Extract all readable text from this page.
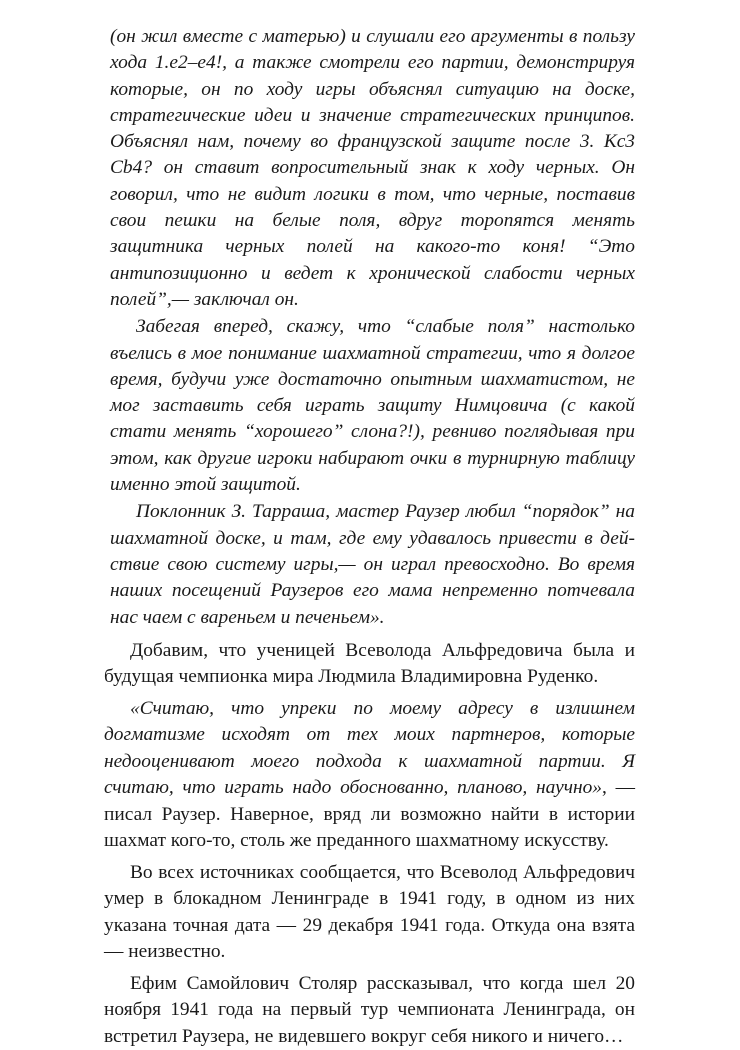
(он жил вместе с матерью) и слушали его аргументы в пользу хода 1.e2–e4!, а также смотрели его партии, демонстрируя которые, он по ходу игры объяснял ситуацию на доске, стратегические идеи и значение стратегических принципов. Объяснял нам, почему во французской защите после 3. Кc3 Cb4? он ставит вопросительный знак к ходу черных. Он говорил, что не видит логики в том, что черные, поставив свои пешки на белые поля, вдруг торопятся менять защитника черных полей на какого-то коня! “Это антипозиционно и ведет к хронической слабости черных полей”,— заключал он.

Забегая вперед, скажу, что “слабые поля” настолько въелись в мое понимание шахматной стратегии, что я долгое время, будучи уже достаточно опытным шахматистом, не мог заставить себя играть защиту Нимцовича (с какой стати менять “хорошего” слона?!), ревниво поглядывая при этом, как другие игроки набирают очки в турнирную таблицу именно этой защитой.

Поклонник З. Тарраша, мастер Раузер любил “порядок” на шахматной доске, и там, где ему удавалось привести в действие свою систему игры,— он играл превосходно. Во время наших посещений Раузеров его мама непременно потчевала нас чаем с вареньем и печеньем».

Добавим, что ученицей Всеволода Альфредовича была и будущая чемпионка мира Людмила Владимировна Руденко.

«Считаю, что упреки по моему адресу в излишнем догматизме исходят от тех моих партнеров, которые недооценивают моего подхода к шахматной партии. Я считаю, что играть надо обоснованно, планово, научно», — писал Раузер. Наверное, вряд ли возможно найти в истории шахмат кого-то, столь же преданного шахматному искусству.

Во всех источниках сообщается, что Всеволод Альфредович умер в блокадном Ленинграде в 1941 году, в одном из них указана точная дата — 29 декабря 1941 года. Откуда она взята — неизвестно.

Ефим Самойлович Столяр рассказывал, что когда шел 20 ноября 1941 года на первый тур чемпионата Ленинграда, он встретил Раузера, не видевшего вокруг себя никого и ничего…
